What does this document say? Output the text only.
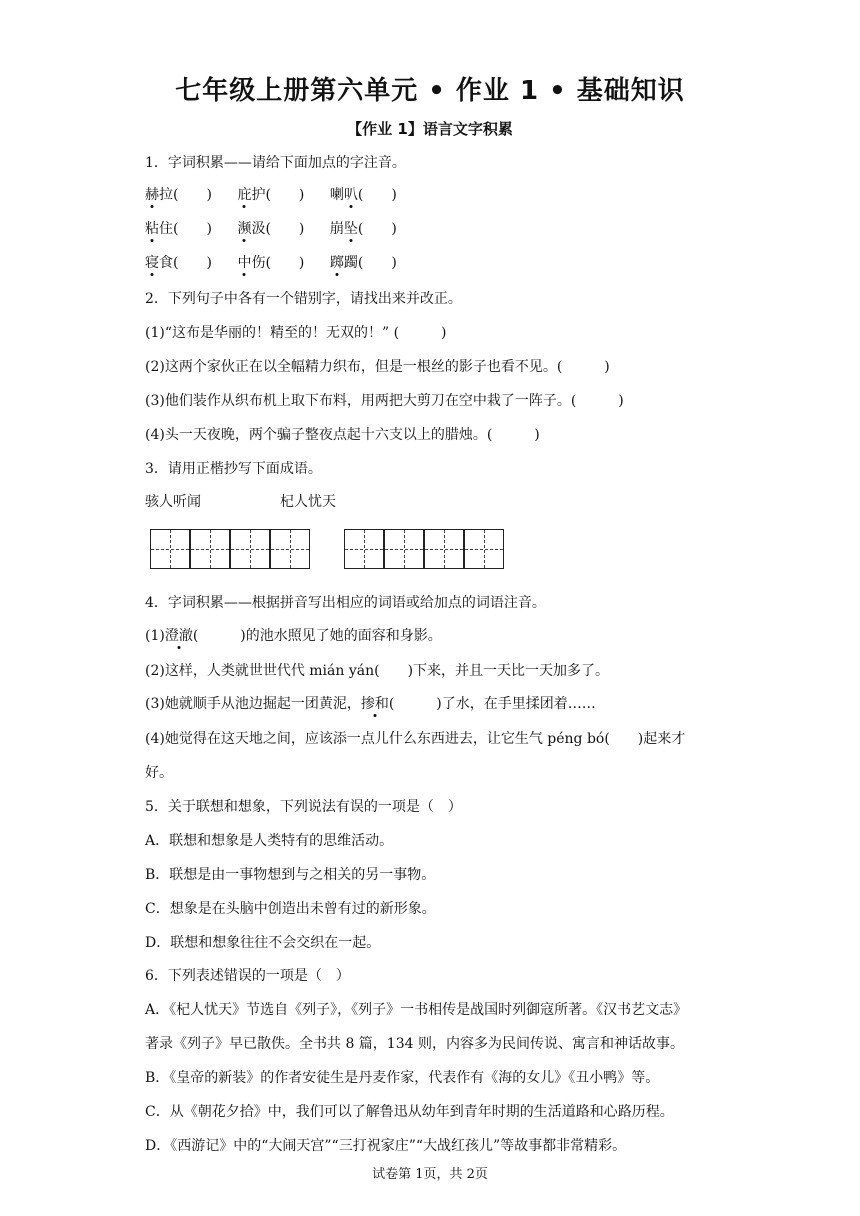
七年级上册第六单元 • 作业 1 • 基础知识
【作业 1】语言文字积累
1．字词积累——请给下面加点的字注音。
赫拉(　　) 庇护(　　) 喇叭(　　)
粘住(　　) 濒汲(　　) 崩坠(　　)
寝食(　　) 中伤(　　) 踯躅(　　)
2．下列句子中各有一个错别字，请找出来并改正。
(1)“这布是华丽的！精至的！无双的！” (　　　)
(2)这两个家伙正在以全幅精力织布，但是一根丝的影子也看不见。(　　　)
(3)他们装作从织布机上取下布料，用两把大剪刀在空中栽了一阵子。(　　　)
(4)头一天夜晚，两个骗子整夜点起十六支以上的腊烛。(　　　)
3．请用正楷抄写下面成语。
骇人听闻	杞人忧天
4．字词积累——根据拼音写出相应的词语或给加点的词语注音。
(1)澄澈(　　　)的池水照见了她的面容和身影。
(2)这样，人类就世世代代 mián yán(　　)下来，并且一天比一天加多了。
(3)她就顺手从池边掘起一团黄泥，掺和(　　　)了水，在手里揉团着……
(4)她觉得在这天地之间，应该添一点儿什么东西进去，让它生气 péng bó(　　)起来才
好。
5．关于联想和想象，下列说法有误的一项是（　）
A．联想和想象是人类特有的思维活动。
B．联想是由一事物想到与之相关的另一事物。
C．想象是在头脑中创造出未曾有过的新形象。
D．联想和想象往往不会交织在一起。
6．下列表述错误的一项是（　）
A．《杞人忧天》节选自《列子》，《列子》一书相传是战国时列御寇所著。《汉书艺文志》
著录《列子》早已散佚。全书共 8 篇，134 则，内容多为民间传说、寓言和神话故事。
B．《皇帝的新装》的作者安徒生是丹麦作家，代表作有《海的女儿》《丑小鸭》等。
C．从《朝花夕拾》中，我们可以了解鲁迅从幼年到青年时期的生活道路和心路历程。
D．《西游记》中的“大闹天宫”“三打祝家庄”“大战红孩儿”等故事都非常精彩。
试卷第 1页，共 2页
